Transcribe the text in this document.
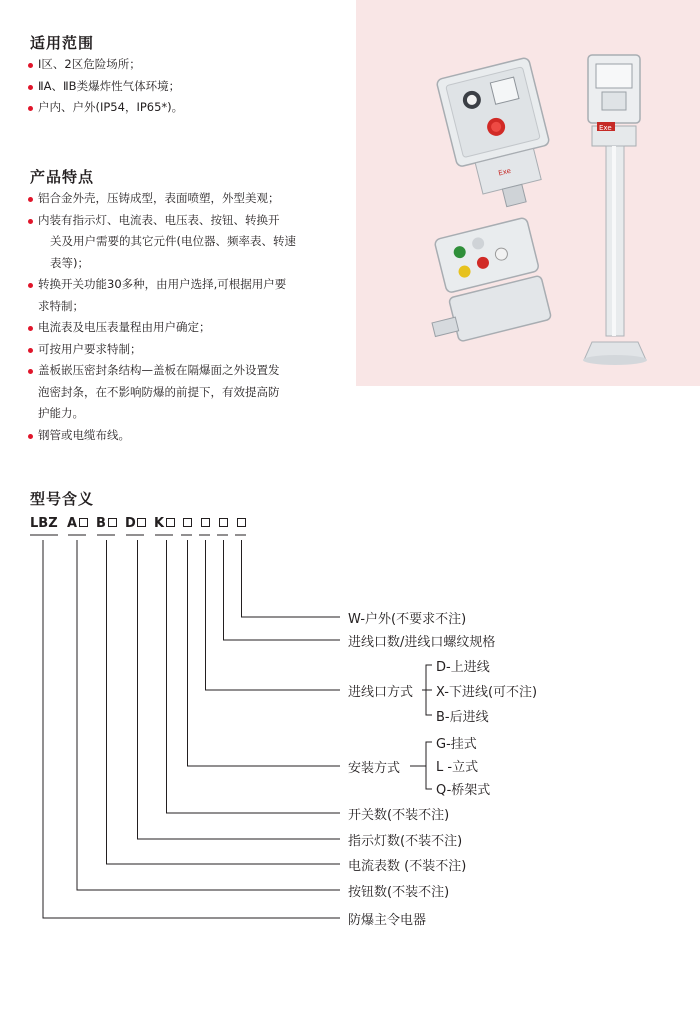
适用范围
Ⅰ区、2区危险场所；
ⅡA、ⅡB类爆炸性气体环境；
户内、户外(IP54，IP65*)。
产品特点
铝合金外壳，压铸成型，表面喷塑，外型美观；
内装有指示灯、电流表、电压表、按钮、转换开
关及用户需要的其它元件(电位器、频率表、转速
表等)；
转换开关功能30多种，由用户选择,可根据用户要
求特制；
电流表及电压表量程由用户确定；
可按用户要求特制；
盖板嵌压密封条结构—盖板在隔爆面之外设置发
泡密封条，在不影响防爆的前提下，有效提高防
护能力。
钢管或电缆布线。
Exe
Exe
型号含义
LBZ A B D K
W-户外(不要求不注)
进线口数/进线口螺纹规格
进线口方式
D-上进线
X-下进线(可不注)
B-后进线
安装方式
G-挂式
L -立式
Q-桥架式
开关数(不装不注)
指示灯数(不装不注)
电流表数 (不装不注)
按钮数(不装不注)
防爆主令电器
